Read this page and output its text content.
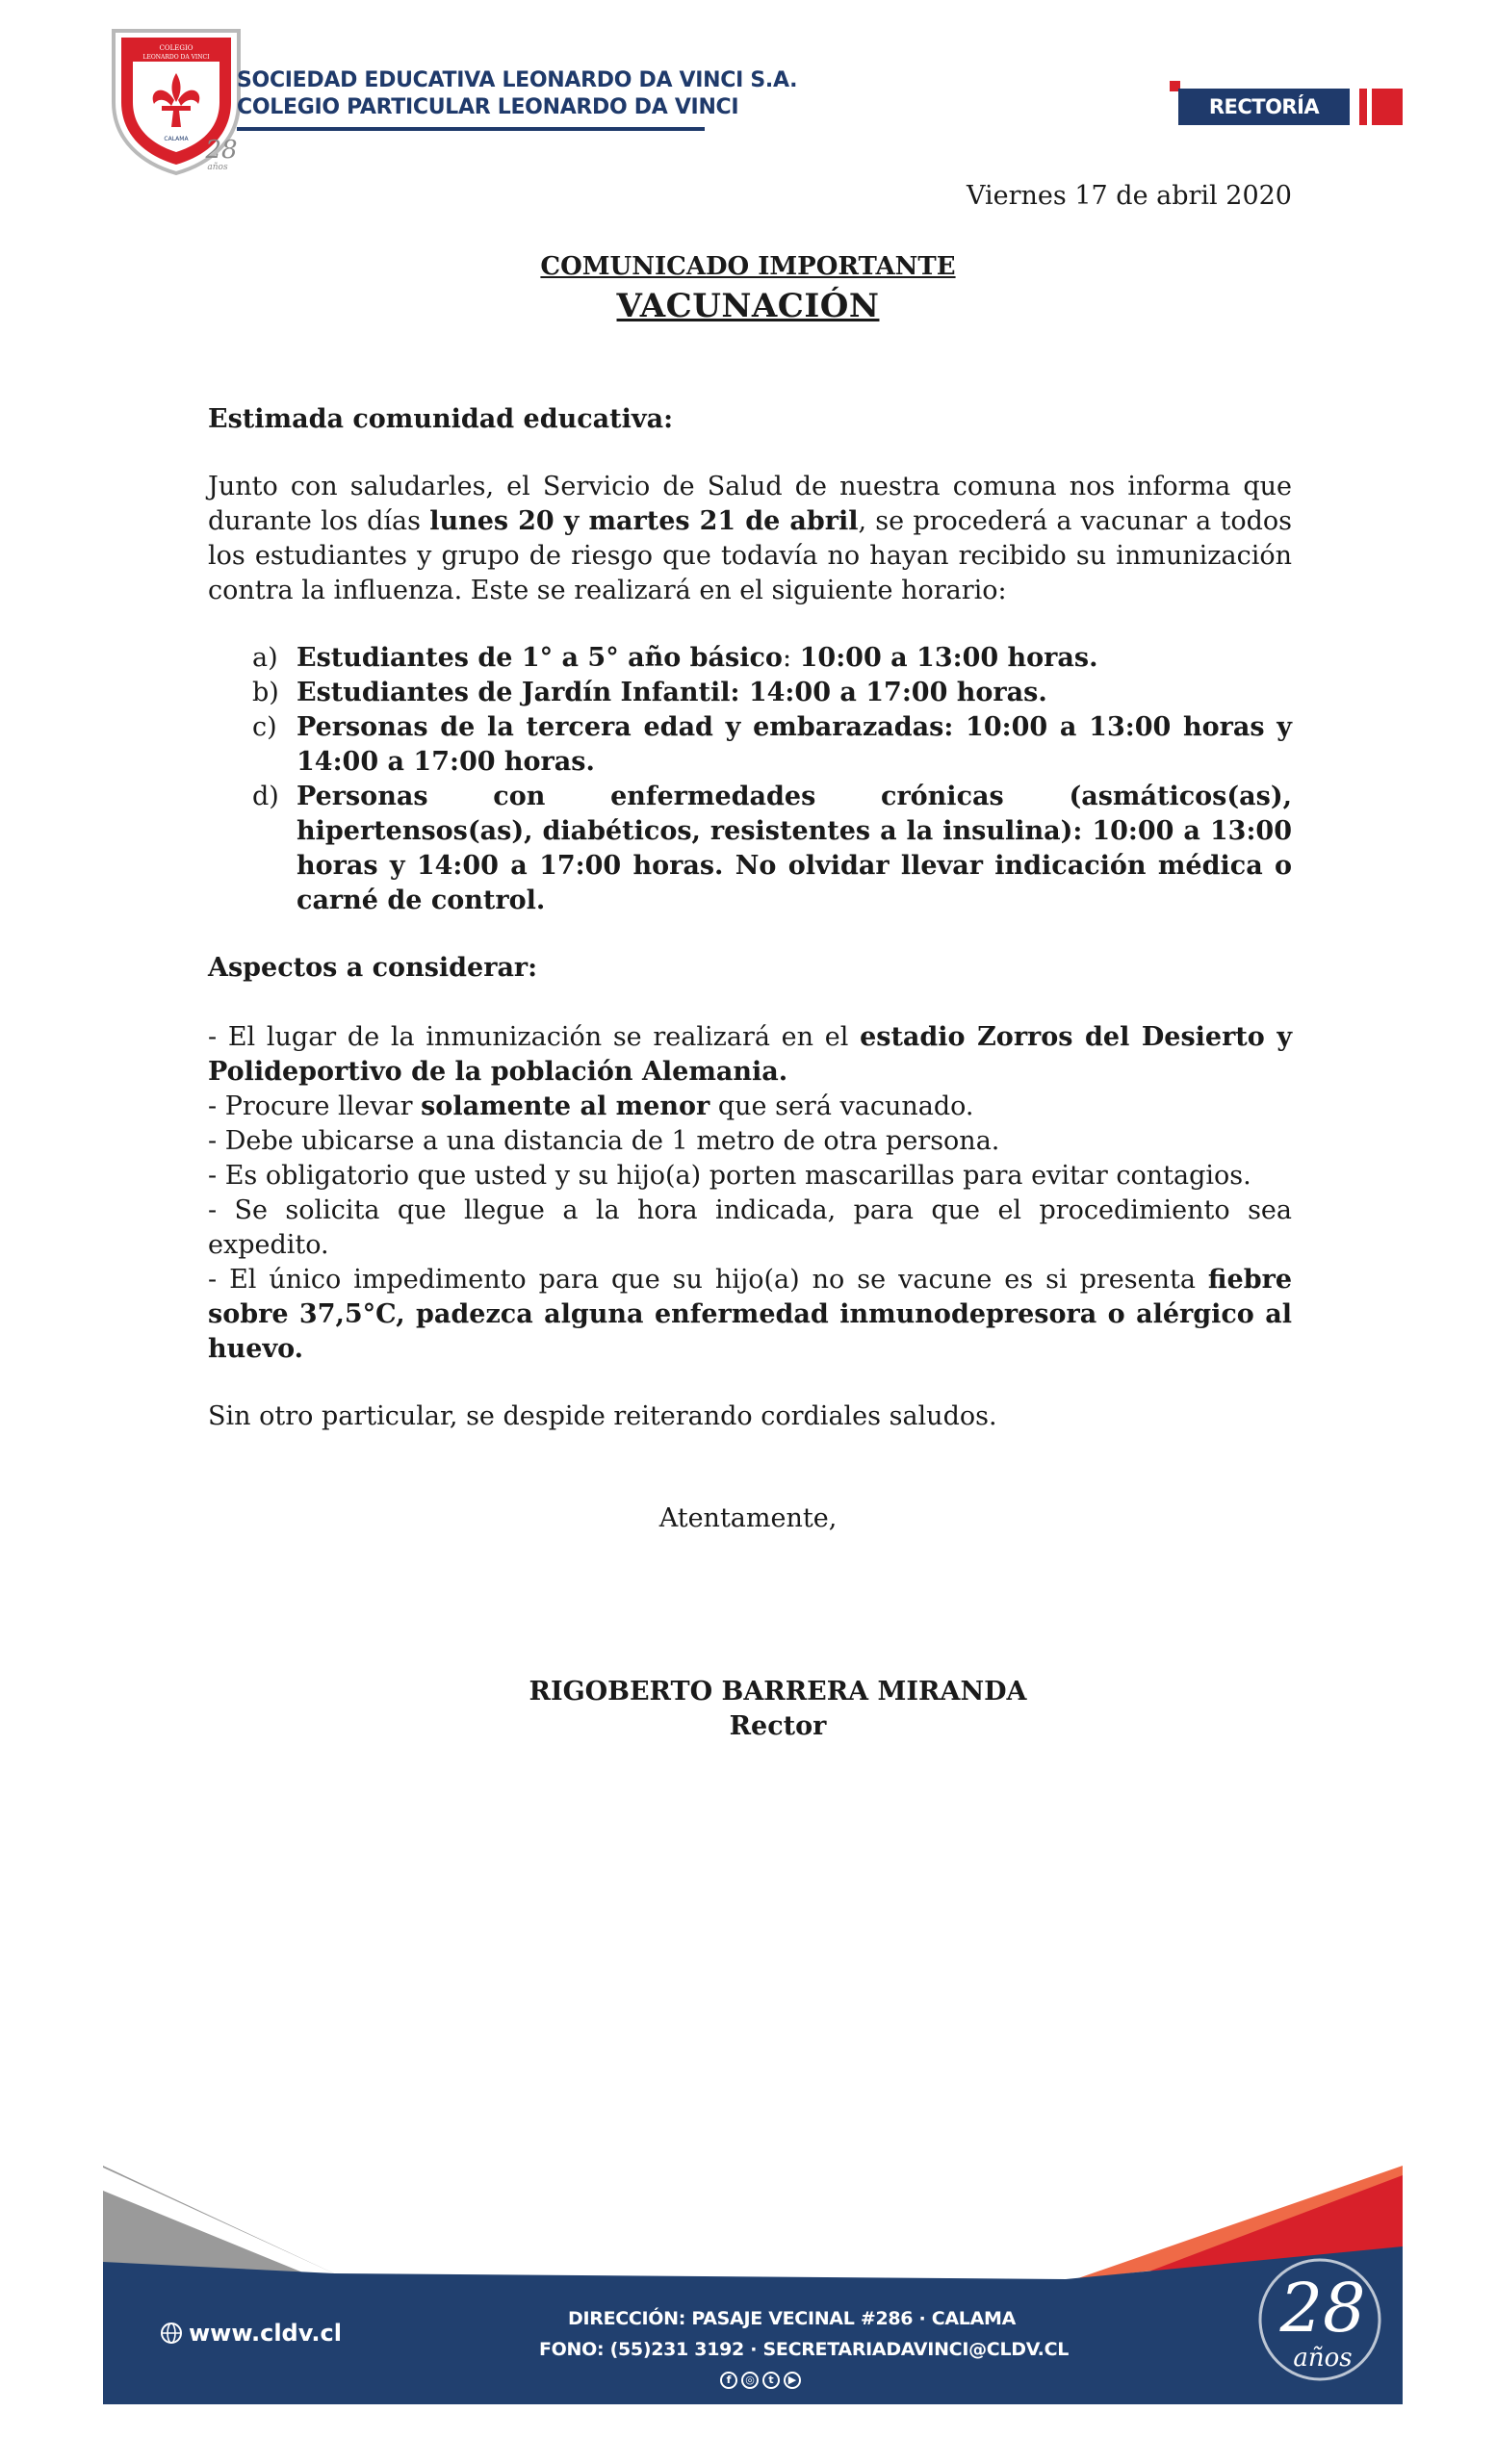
COLEGIO
LEONARDO DA VINCI
CALAMA 28
años
SOCIEDAD EDUCATIVA LEONARDO DA VINCI S.A.
COLEGIO PARTICULAR LEONARDO DA VINCI	RECTORÍA
Viernes 17 de abril 2020
COMUNICADO IMPORTANTE
VACUNACIÓN
Estimada comunidad educativa:
Junto con saludarles, el Servicio de Salud de nuestra comuna nos informa que durante los días lunes 20 y martes 21 de abril, se procederá a vacunar a todos los estudiantes y grupo de riesgo que todavía no hayan recibido su inmunización contra la influenza. Este se realizará en el siguiente horario:
a) Estudiantes de 1° a 5° año básico: 10:00 a 13:00 horas.
b) Estudiantes de Jardín Infantil: 14:00 a 17:00 horas.
c) Personas de la tercera edad y embarazadas: 10:00 a 13:00 horas y 14:00 a 17:00 horas.
d) Personas con enfermedades crónicas (asmáticos(as), hipertensos(as), diabéticos, resistentes a la insulina): 10:00 a 13:00 horas y 14:00 a 17:00 horas. No olvidar llevar indicación médica o carné de control.
Aspectos a considerar:
- El lugar de la inmunización se realizará en el estadio Zorros del Desierto y Polideportivo de la población Alemania.
- Procure llevar solamente al menor que será vacunado.
- Debe ubicarse a una distancia de 1 metro de otra persona.
- Es obligatorio que usted y su hijo(a) porten mascarillas para evitar contagios.
- Se solicita que llegue a la hora indicada, para que el procedimiento sea expedito.
- El único impedimento para que su hijo(a) no se vacune es si presenta fiebre sobre 37,5°C, padezca alguna enfermedad inmunodepresora o alérgico al huevo.
Sin otro particular, se despide reiterando cordiales saludos.
Atentamente,
RIGOBERTO BARRERA MIRANDA
Rector
www.cldv.cl
DIRECCIÓN: PASAJE VECINAL #286 · CALAMA
FONO: (55)231 3192 · SECRETARIADAVINCI@CLDV.CL
f	◎	t	▶
28
años
